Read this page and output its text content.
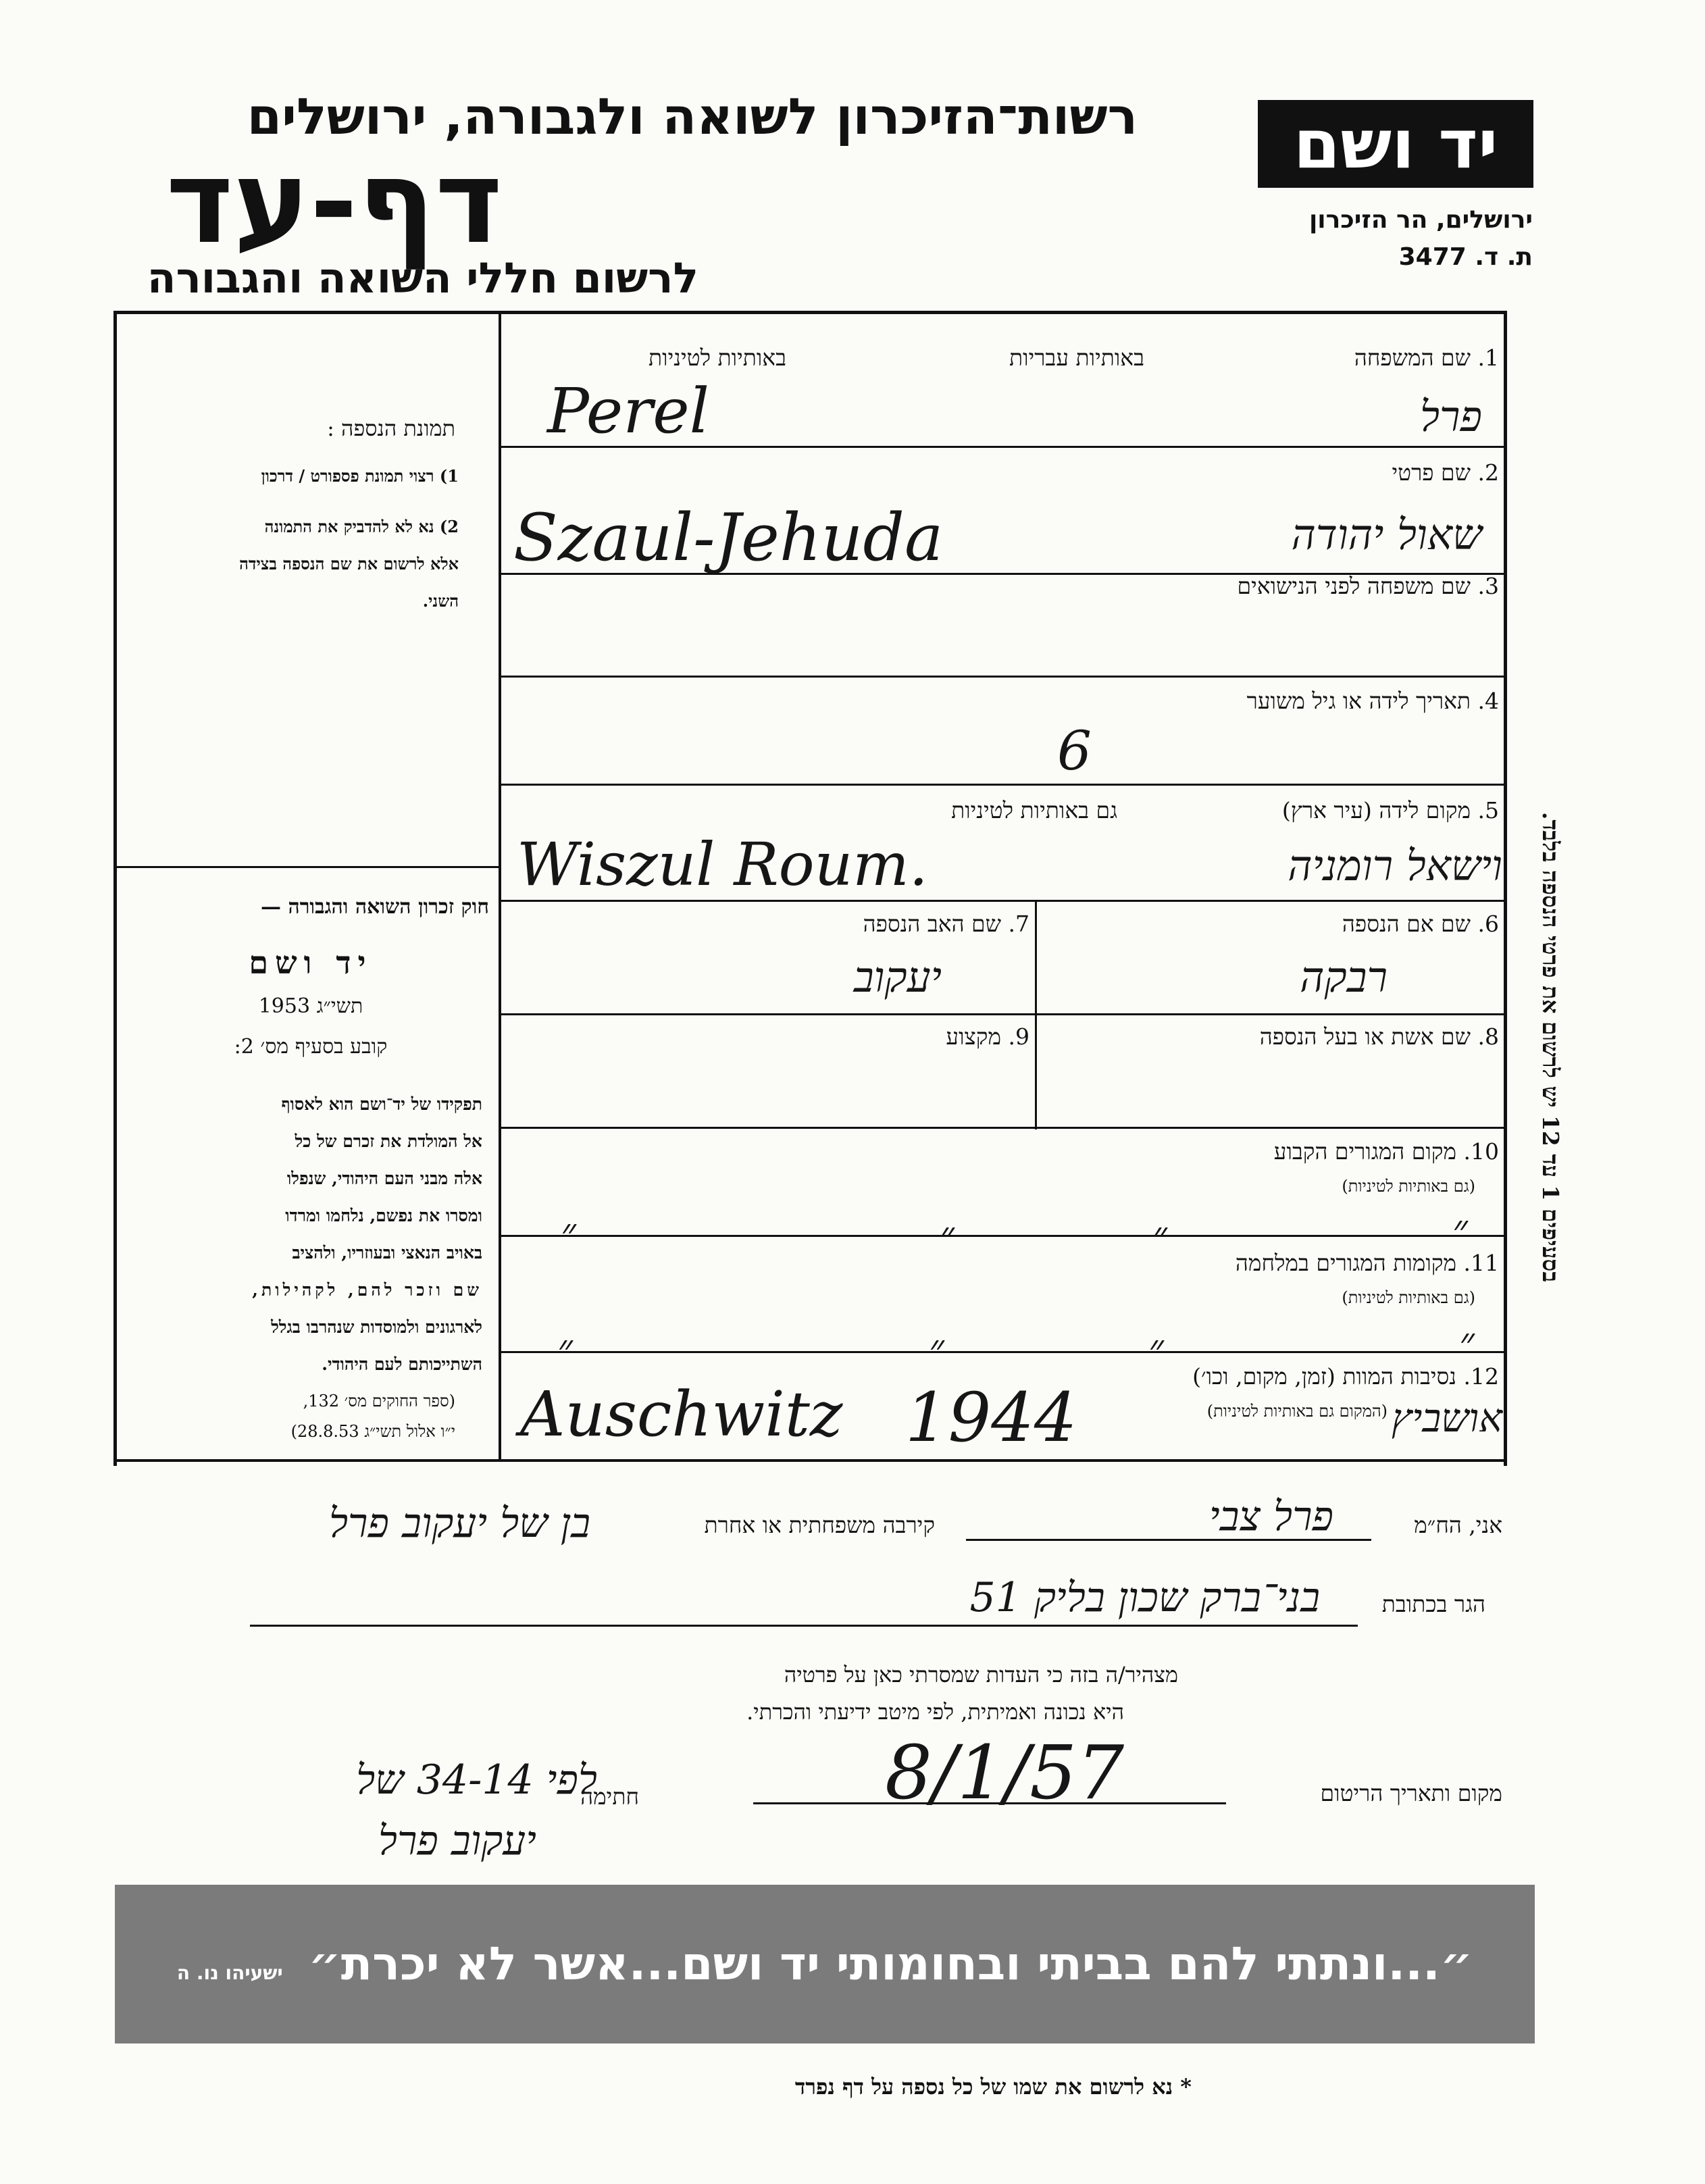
רשות־הזיכרון לשואה ולגבורה, ירושלים
דף-עד
לרשום חללי השואה והגבורה
יד ושם
ירושלים, הר הזיכרון
ת. ד. 3477
בסעיפים 1 עד 12 יש לרשום את פרטי הנספה בלבד.
תמונת הנספה :
1) רצוי תמונת פספורט / דרכון
2) נא לא להדביק את התמונה
אלא לרשום את שם הנספה בצידה
השני.
חוק זכרון השואה והגבורה —
יד ושם
תשי״ג 1953
קובע בסעיף מס׳ 2:
תפקידו של יד־ושם הוא לאסוף
אל המולדת את זכרם של כל
אלה מבני העם היהודי, שנפלו
ומסרו את נפשם, נלחמו ומרדו
באויב הנאצי ובעוזריו, ולהציב
שם וזכר להם, לקהילות,
לארגונים ולמוסדות שנהרבו בגלל
השתייכותם לעם היהודי.
(ספר החוקים מס׳ 132,
י״ו אלול תשי״ג 28.8.53)
1. שם המשפחה
באותיות עבריות
באותיות לטיניות
פרל
Perel
2. שם פרטי
שאול יהודה
Szaul-Jehuda
3. שם משפחה לפני הנישואים
4. תאריך לידה או גיל משוער
6
5. מקום לידה (עיר ארץ)
גם באותיות לטיניות
וישאל רומניה
Wiszul Roum.
6. שם אם הנספה
רבקה
7. שם האב הנספה
יעקוב
8. שם אשת או בעל הנספה
9. מקצוע
10. מקום המגורים הקבוע
(גם באותיות לטיניות)
״	״	״	״
11. מקומות המגורים במלחמה
(גם באותיות לטיניות)
״	״	״	״
12. נסיבות המוות (זמן, מקום, וכו׳)
(המקום גם באותיות לטיניות) אושביץ
Auschwitz 1944
אני, הח״מ
פרל צבי
קירבה משפחתית או אחרת
בן של יעקוב פרל
הגר בכתובת
בני־ברק שכון בליק 51
מצהיר/ה בזה כי העדות שמסרתי כאן על פרטיה
היא נכונה ואמיתית, לפי מיטב ידיעתי והכרתי.
חתימה
לפי 34-14 של
יעקוב פרל
מקום ותאריך הריטום
8/1/57
״...ונתתי להם בביתי ובחומותי יד ושם...אשר לא יכרת״ ישעיהו נו. ה
* נא לרשום את שמו של כל נספה על דף נפרד
